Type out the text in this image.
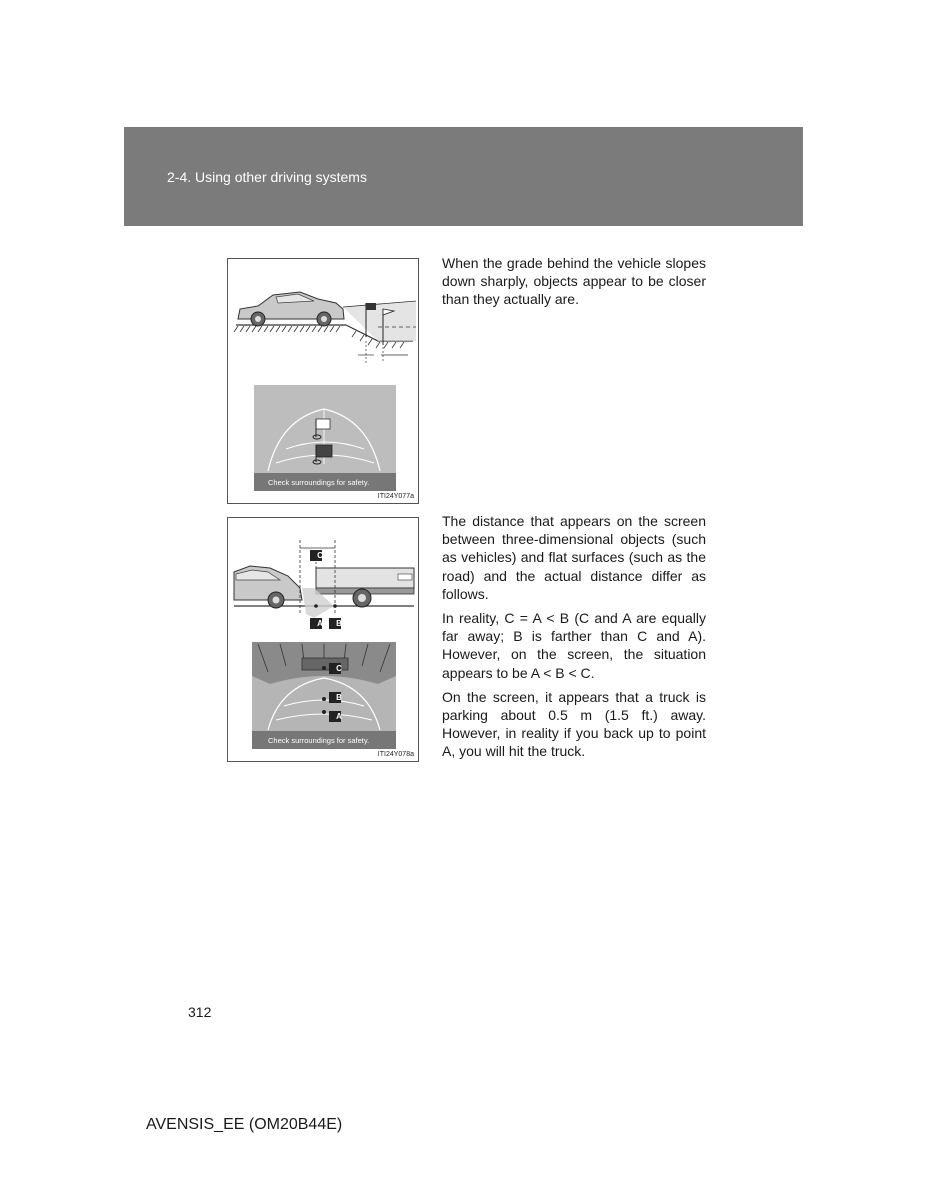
2-4. Using other driving systems
Check surroundings for safety.
ITI24Y077a

When the grade behind the vehicle slopes down sharply, objects appear to be closer than they actually are.

C
A	B
C
B
A
Check surroundings for safety.
ITI24Y078a

The distance that appears on the screen between three-dimensional objects (such as vehicles) and flat surfaces (such as the road) and the actual distance differ as follows.

In reality, C = A < B (C and A are equally far away; B is farther than C and A). However, on the screen, the situation appears to be A < B < C.

On the screen, it appears that a truck is parking about 0.5 m (1.5 ft.) away. However, in reality if you back up to point A, you will hit the truck.

312
AVENSIS_EE (OM20B44E)
